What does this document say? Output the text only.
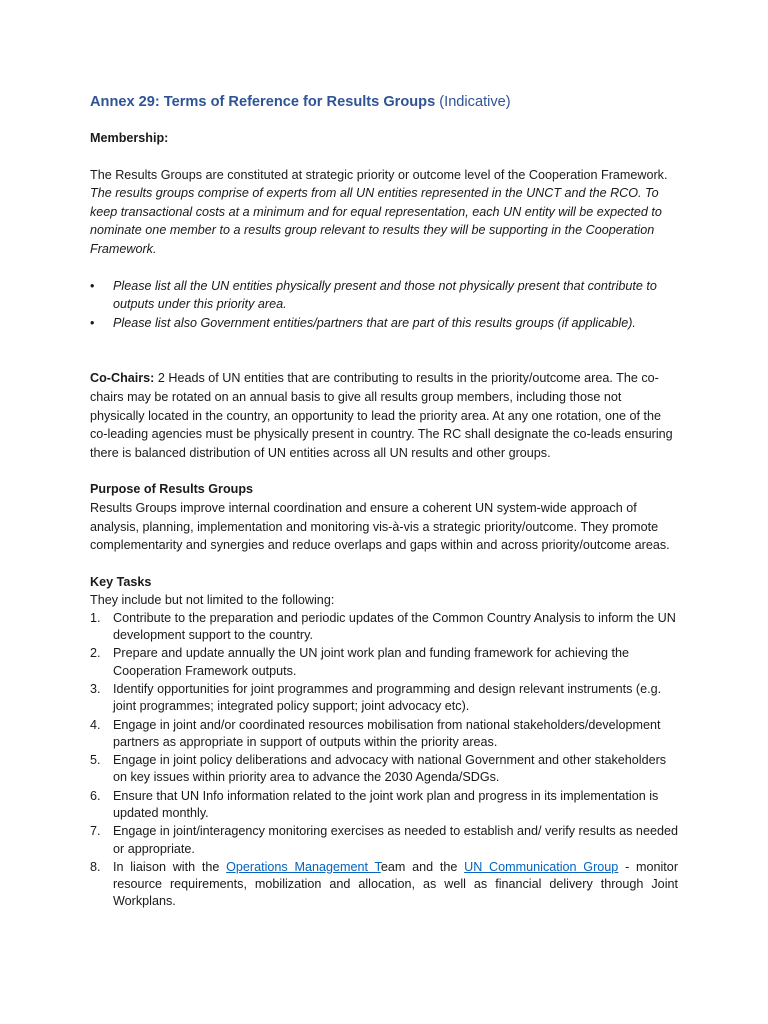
Annex 29: Terms of Reference for Results Groups (Indicative)

Membership:

The Results Groups are constituted at strategic priority or outcome level of the Cooperation Framework.
The results groups comprise of experts from all UN entities represented in the UNCT and the RCO. To keep transactional costs at a minimum and for equal representation, each UN entity will be expected to nominate one member to a results group relevant to results they will be supporting in the Cooperation Framework.

• Please list all the UN entities physically present and those not physically present that contribute to outputs under this priority area.
• Please list also Government entities/partners that are part of this results groups (if applicable).

Co-Chairs: 2 Heads of UN entities that are contributing to results in the priority/outcome area. The co-chairs may be rotated on an annual basis to give all results group members, including those not physically located in the country, an opportunity to lead the priority area. At any one rotation, one of the co-leading agencies must be physically present in country. The RC shall designate the co-leads ensuring there is balanced distribution of UN entities across all UN results and other groups.

Purpose of Results Groups

Results Groups improve internal coordination and ensure a coherent UN system-wide approach of analysis, planning, implementation and monitoring vis-à-vis a strategic priority/outcome. They promote complementarity and synergies and reduce overlaps and gaps within and across priority/outcome areas.

Key Tasks

They include but not limited to the following:

1. Contribute to the preparation and periodic updates of the Common Country Analysis to inform the UN development support to the country.
2. Prepare and update annually the UN joint work plan and funding framework for achieving the Cooperation Framework outputs.
3. Identify opportunities for joint programmes and programming and design relevant instruments (e.g. joint programmes; integrated policy support; joint advocacy etc).
4. Engage in joint and/or coordinated resources mobilisation from national stakeholders/development partners as appropriate in support of outputs within the priority areas.
5. Engage in joint policy deliberations and advocacy with national Government and other stakeholders on key issues within priority area to advance the 2030 Agenda/SDGs.
6. Ensure that UN Info information related to the joint work plan and progress in its implementation is updated monthly.
7. Engage in joint/interagency monitoring exercises as needed to establish and/ verify results as needed or appropriate.
8. In liaison with the Operations Management Team and the UN Communication Group - monitor resource requirements, mobilization and allocation, as well as financial delivery through Joint Workplans.
